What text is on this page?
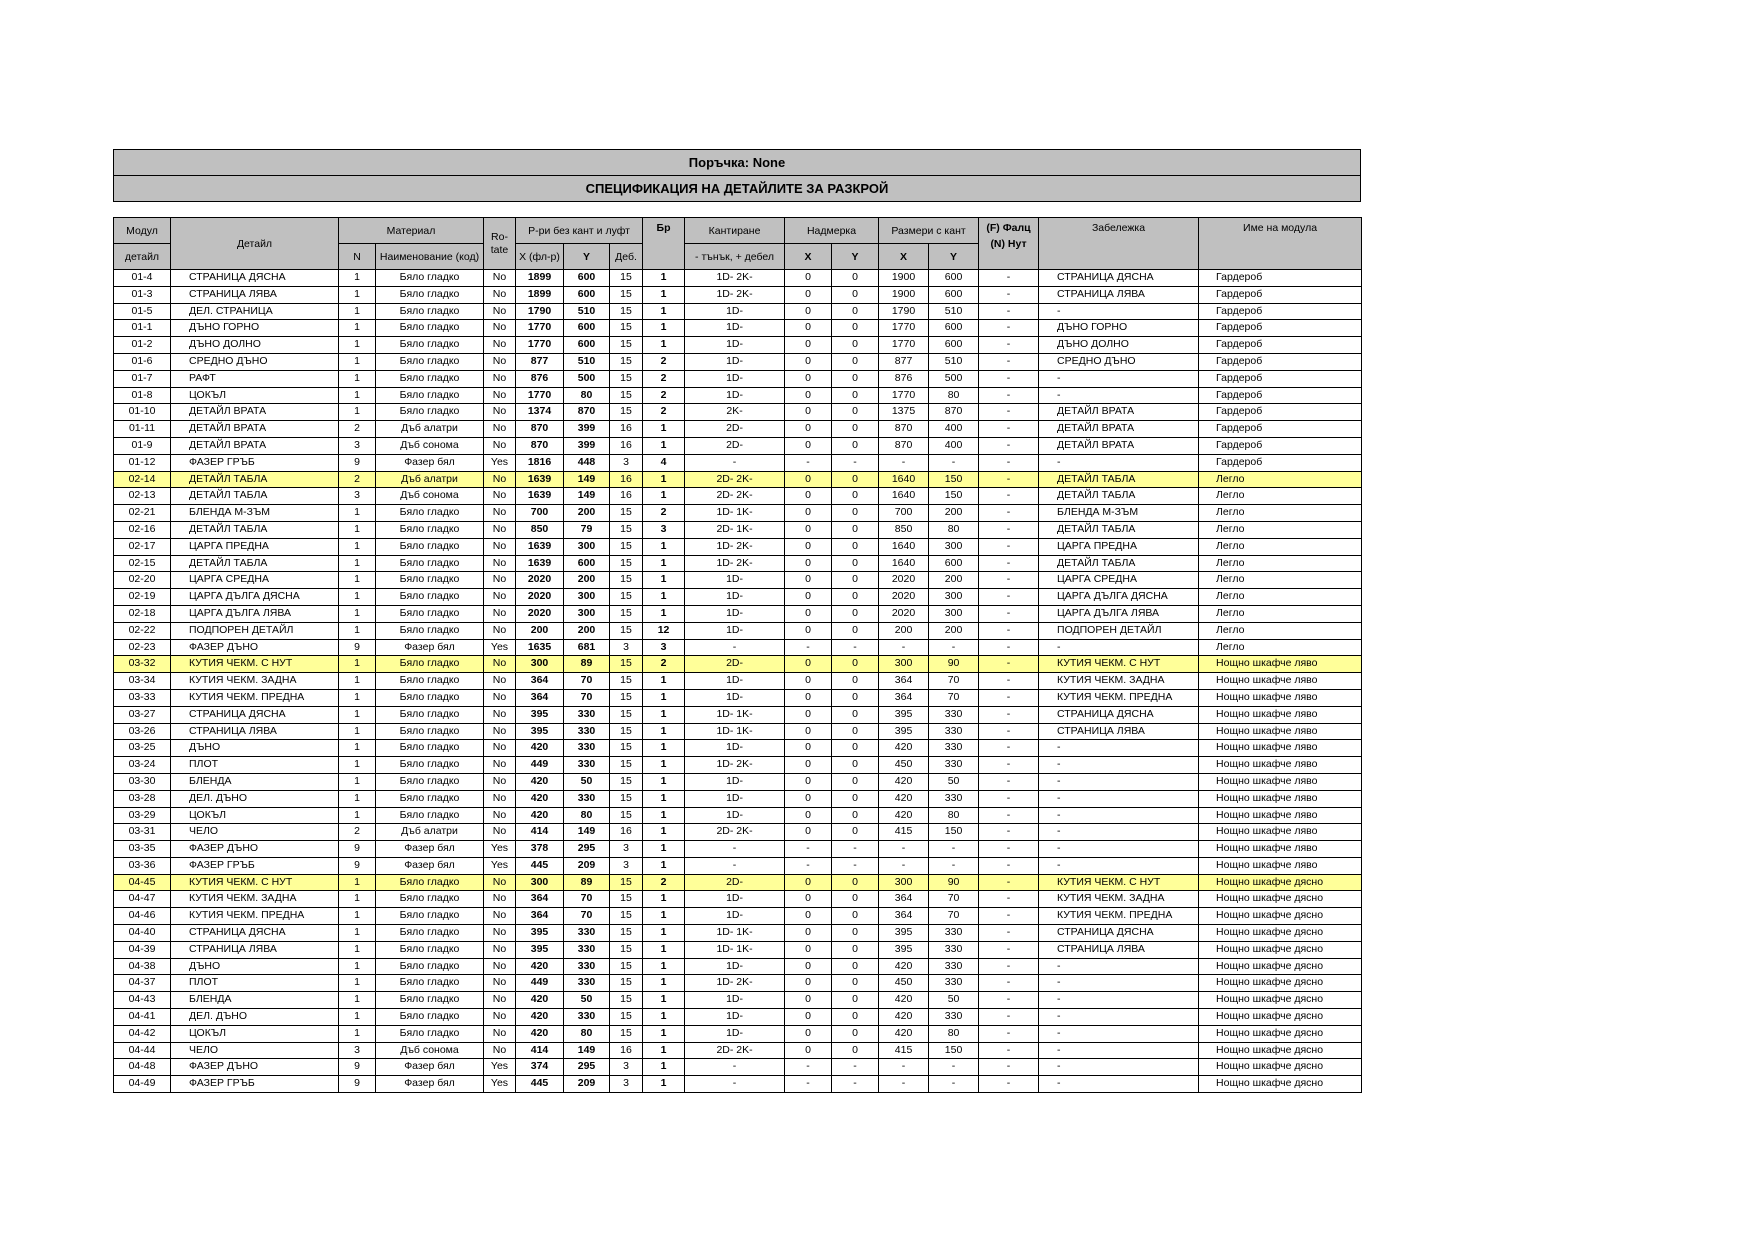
Поръчка: None
СПЕЦИФИКАЦИЯ НА ДЕТАЙЛИТЕ ЗА РАЗКРОЙ
Модул	Детайл	Материал		Ro-
tate	Р-ри без кант и луфт			Бр	Кантиране	Надмерка		Размери с кант		(F) Фалц
(N) Нут	Забележка	Име на модула
детайл		N	Наименование (код)		X (фл-р)	Y	Деб.		- тънък, + дебел	X	Y	X	Y			
01-4	СТРАНИЦА ДЯСНА	1	Бяло гладко	No	1899	600	15	1	1D- 2K-	0	0	1900	600	-	СТРАНИЦА ДЯСНА	Гардероб
01-3	СТРАНИЦА ЛЯВА	1	Бяло гладко	No	1899	600	15	1	1D- 2K-	0	0	1900	600	-	СТРАНИЦА ЛЯВА	Гардероб
01-5	ДЕЛ. СТРАНИЦА	1	Бяло гладко	No	1790	510	15	1	1D-	0	0	1790	510	-	-	Гардероб
01-1	ДЪНО ГОРНО	1	Бяло гладко	No	1770	600	15	1	1D-	0	0	1770	600	-	ДЪНО ГОРНО	Гардероб
01-2	ДЪНО ДОЛНО	1	Бяло гладко	No	1770	600	15	1	1D-	0	0	1770	600	-	ДЪНО ДОЛНО	Гардероб
01-6	СРЕДНО ДЪНО	1	Бяло гладко	No	877	510	15	2	1D-	0	0	877	510	-	СРЕДНО ДЪНО	Гардероб
01-7	РАФТ	1	Бяло гладко	No	876	500	15	2	1D-	0	0	876	500	-	-	Гардероб
01-8	ЦОКЪЛ	1	Бяло гладко	No	1770	80	15	2	1D-	0	0	1770	80	-	-	Гардероб
01-10	ДЕТАЙЛ ВРАТА	1	Бяло гладко	No	1374	870	15	2	2K-	0	0	1375	870	-	ДЕТАЙЛ ВРАТА	Гардероб
01-11	ДЕТАЙЛ ВРАТА	2	Дъб алатри	No	870	399	16	1	2D-	0	0	870	400	-	ДЕТАЙЛ ВРАТА	Гардероб
01-9	ДЕТАЙЛ ВРАТА	3	Дъб сонома	No	870	399	16	1	2D-	0	0	870	400	-	ДЕТАЙЛ ВРАТА	Гардероб
01-12	ФАЗЕР ГРЪБ	9	Фазер бял	Yes	1816	448	3	4	-	-	-	-	-	-	-	Гардероб
02-14	ДЕТАЙЛ ТАБЛА	2	Дъб алатри	No	1639	149	16	1	2D- 2K-	0	0	1640	150	-	ДЕТАЙЛ ТАБЛА	Легло
02-13	ДЕТАЙЛ ТАБЛА	3	Дъб сонома	No	1639	149	16	1	2D- 2K-	0	0	1640	150	-	ДЕТАЙЛ ТАБЛА	Легло
02-21	БЛЕНДА М-ЗЪМ	1	Бяло гладко	No	700	200	15	2	1D- 1K-	0	0	700	200	-	БЛЕНДА М-ЗЪМ	Легло
02-16	ДЕТАЙЛ ТАБЛА	1	Бяло гладко	No	850	79	15	3	2D- 1K-	0	0	850	80	-	ДЕТАЙЛ ТАБЛА	Легло
02-17	ЦАРГА ПРЕДНА	1	Бяло гладко	No	1639	300	15	1	1D- 2K-	0	0	1640	300	-	ЦАРГА ПРЕДНА	Легло
02-15	ДЕТАЙЛ ТАБЛА	1	Бяло гладко	No	1639	600	15	1	1D- 2K-	0	0	1640	600	-	ДЕТАЙЛ ТАБЛА	Легло
02-20	ЦАРГА СРЕДНА	1	Бяло гладко	No	2020	200	15	1	1D-	0	0	2020	200	-	ЦАРГА СРЕДНА	Легло
02-19	ЦАРГА ДЪЛГА ДЯСНА	1	Бяло гладко	No	2020	300	15	1	1D-	0	0	2020	300	-	ЦАРГА ДЪЛГА ДЯСНА	Легло
02-18	ЦАРГА ДЪЛГА ЛЯВА	1	Бяло гладко	No	2020	300	15	1	1D-	0	0	2020	300	-	ЦАРГА ДЪЛГА ЛЯВА	Легло
02-22	ПОДПОРЕН ДЕТАЙЛ	1	Бяло гладко	No	200	200	15	12	1D-	0	0	200	200	-	ПОДПОРЕН ДЕТАЙЛ	Легло
02-23	ФАЗЕР ДЪНО	9	Фазер бял	Yes	1635	681	3	3	-	-	-	-	-	-	-	Легло
03-32	КУТИЯ ЧЕКМ. С НУТ	1	Бяло гладко	No	300	89	15	2	2D-	0	0	300	90	-	КУТИЯ ЧЕКМ. С НУТ	Нощно шкафче ляво
03-34	КУТИЯ ЧЕКМ. ЗАДНА	1	Бяло гладко	No	364	70	15	1	1D-	0	0	364	70	-	КУТИЯ ЧЕКМ. ЗАДНА	Нощно шкафче ляво
03-33	КУТИЯ ЧЕКМ. ПРЕДНА	1	Бяло гладко	No	364	70	15	1	1D-	0	0	364	70	-	КУТИЯ ЧЕКМ. ПРЕДНА	Нощно шкафче ляво
03-27	СТРАНИЦА ДЯСНА	1	Бяло гладко	No	395	330	15	1	1D- 1K-	0	0	395	330	-	СТРАНИЦА ДЯСНА	Нощно шкафче ляво
03-26	СТРАНИЦА ЛЯВА	1	Бяло гладко	No	395	330	15	1	1D- 1K-	0	0	395	330	-	СТРАНИЦА ЛЯВА	Нощно шкафче ляво
03-25	ДЪНО	1	Бяло гладко	No	420	330	15	1	1D-	0	0	420	330	-	-	Нощно шкафче ляво
03-24	ПЛОТ	1	Бяло гладко	No	449	330	15	1	1D- 2K-	0	0	450	330	-	-	Нощно шкафче ляво
03-30	БЛЕНДА	1	Бяло гладко	No	420	50	15	1	1D-	0	0	420	50	-	-	Нощно шкафче ляво
03-28	ДЕЛ. ДЪНО	1	Бяло гладко	No	420	330	15	1	1D-	0	0	420	330	-	-	Нощно шкафче ляво
03-29	ЦОКЪЛ	1	Бяло гладко	No	420	80	15	1	1D-	0	0	420	80	-	-	Нощно шкафче ляво
03-31	ЧЕЛО	2	Дъб алатри	No	414	149	16	1	2D- 2K-	0	0	415	150	-	-	Нощно шкафче ляво
03-35	ФАЗЕР ДЪНО	9	Фазер бял	Yes	378	295	3	1	-	-	-	-	-	-	-	Нощно шкафче ляво
03-36	ФАЗЕР ГРЪБ	9	Фазер бял	Yes	445	209	3	1	-	-	-	-	-	-	-	Нощно шкафче ляво
04-45	КУТИЯ ЧЕКМ. С НУТ	1	Бяло гладко	No	300	89	15	2	2D-	0	0	300	90	-	КУТИЯ ЧЕКМ. С НУТ	Нощно шкафче дясно
04-47	КУТИЯ ЧЕКМ. ЗАДНА	1	Бяло гладко	No	364	70	15	1	1D-	0	0	364	70	-	КУТИЯ ЧЕКМ. ЗАДНА	Нощно шкафче дясно
04-46	КУТИЯ ЧЕКМ. ПРЕДНА	1	Бяло гладко	No	364	70	15	1	1D-	0	0	364	70	-	КУТИЯ ЧЕКМ. ПРЕДНА	Нощно шкафче дясно
04-40	СТРАНИЦА ДЯСНА	1	Бяло гладко	No	395	330	15	1	1D- 1K-	0	0	395	330	-	СТРАНИЦА ДЯСНА	Нощно шкафче дясно
04-39	СТРАНИЦА ЛЯВА	1	Бяло гладко	No	395	330	15	1	1D- 1K-	0	0	395	330	-	СТРАНИЦА ЛЯВА	Нощно шкафче дясно
04-38	ДЪНО	1	Бяло гладко	No	420	330	15	1	1D-	0	0	420	330	-	-	Нощно шкафче дясно
04-37	ПЛОТ	1	Бяло гладко	No	449	330	15	1	1D- 2K-	0	0	450	330	-	-	Нощно шкафче дясно
04-43	БЛЕНДА	1	Бяло гладко	No	420	50	15	1	1D-	0	0	420	50	-	-	Нощно шкафче дясно
04-41	ДЕЛ. ДЪНО	1	Бяло гладко	No	420	330	15	1	1D-	0	0	420	330	-	-	Нощно шкафче дясно
04-42	ЦОКЪЛ	1	Бяло гладко	No	420	80	15	1	1D-	0	0	420	80	-	-	Нощно шкафче дясно
04-44	ЧЕЛО	3	Дъб сонома	No	414	149	16	1	2D- 2K-	0	0	415	150	-	-	Нощно шкафче дясно
04-48	ФАЗЕР ДЪНО	9	Фазер бял	Yes	374	295	3	1	-	-	-	-	-	-	-	Нощно шкафче дясно
04-49	ФАЗЕР ГРЪБ	9	Фазер бял	Yes	445	209	3	1	-	-	-	-	-	-	-	Нощно шкафче дясно
